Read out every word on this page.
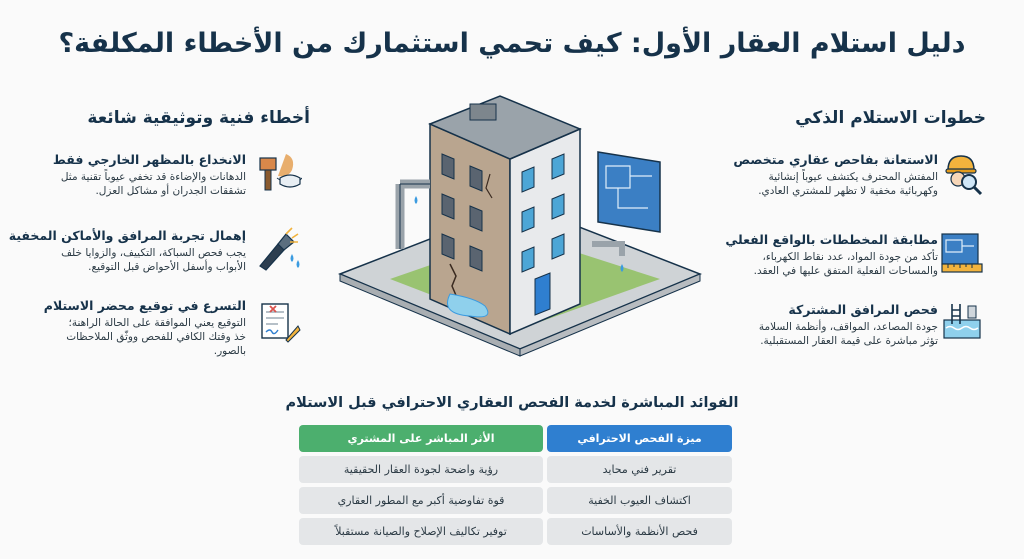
دليل استلام العقار الأول: كيف تحمي استثمارك من الأخطاء المكلفة؟
خطوات الاستلام الذكي
الاستعانة بفاحص عقاري متخصص

المفتش المحترف يكتشف عيوباً إنشائية

وكهربائية مخفية لا تظهر للمشتري العادي.

مطابقة المخططات بالواقع الفعلي

تأكد من جودة المواد، عدد نقاط الكهرباء،

والمساحات الفعلية المتفق عليها في العقد.

فحص المرافق المشتركة

جودة المصاعد، المواقف، وأنظمة السلامة

تؤثر مباشرة على قيمة العقار المستقبلية.

أخطاء فنية وتوثيقية شائعة
الانخداع بالمظهر الخارجي فقط

الدهانات والإضاءة قد تخفي عيوباً تقنية مثل

تشققات الجدران أو مشاكل العزل.

إهمال تجربة المرافق والأماكن المخفية

يجب فحص السباكة، التكييف، والزوايا خلف

الأبواب وأسفل الأحواض قبل التوقيع.

التسرع في توقيع محضر الاستلام

التوقيع يعني الموافقة على الحالة الراهنة؛

خذ وقتك الكافي للفحص ووثّق الملاحظات

بالصور.

الفوائد المباشرة لخدمة الفحص العقاري الاحترافي قبل الاستلام
الأثر المباشر على المشتري	ميزة الفحص الاحترافي
رؤية واضحة لجودة العقار الحقيقية	تقرير فني محايد
قوة تفاوضية أكبر مع المطور العقاري	اكتشاف العيوب الخفية
توفير تكاليف الإصلاح والصيانة مستقبلاً	فحص الأنظمة والأساسات
